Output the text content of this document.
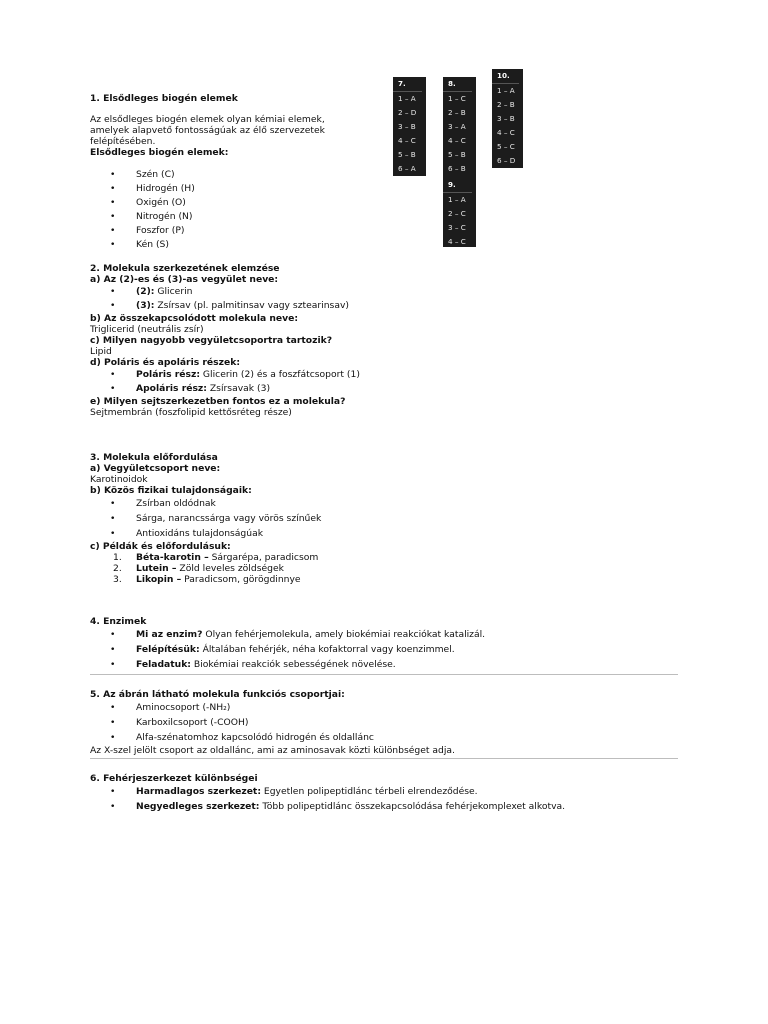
7.
1 – A
2 – D
3 – B
4 – C
5 – B
6 – A
8.
1 – C
2 – B
3 – A
4 – C
5 – B
6 – B
9.
1 – A
2 – C
3 – C
4 – C
10.
1 – A
2 – B
3 – B
4 – C
5 – C
6 – D

1. Elsődleges biogén elemek

Az elsődleges biogén elemek olyan kémiai elemek,

amelyek alapvető fontosságúak az élő szervezetek felépítésében.

Elsődleges biogén elemek:

• Szén (C)
• Hidrogén (H)
• Oxigén (O)
• Nitrogén (N)
• Foszfor (P)
• Kén (S)

2. Molekula szerkezetének elemzése

a) Az (2)-es és (3)-as vegyület neve:

• (2): Glicerin
• (3): Zsírsav (pl. palmitinsav vagy sztearinsav)

b) Az összekapcsolódott molekula neve:

Triglicerid (neutrális zsír)

c) Milyen nagyobb vegyületcsoportra tartozik?

Lipid

d) Poláris és apoláris részek:

• Poláris rész: Glicerin (2) és a foszfátcsoport (1)
• Apoláris rész: Zsírsavak (3)

e) Milyen sejtszerkezetben fontos ez a molekula?

Sejtmembrán (foszfolipid kettősréteg része)

3. Molekula előfordulása

a) Vegyületcsoport neve:

Karotinoidok

b) Közös fizikai tulajdonságaik:

• Zsírban oldódnak
• Sárga, narancssárga vagy vörös színűek
• Antioxidáns tulajdonságúak

c) Példák és előfordulásuk:

1. Béta-karotin – Sárgarépa, paradicsom
2. Lutein – Zöld leveles zöldségek
3. Likopin – Paradicsom, görögdinnye

4. Enzimek

• Mi az enzim? Olyan fehérjemolekula, amely biokémiai reakciókat katalizál.
• Felépítésük: Általában fehérjék, néha kofaktorral vagy koenzimmel.
• Feladatuk: Biokémiai reakciók sebességének növelése.

5. Az ábrán látható molekula funkciós csoportjai:

• Aminocsoport (-NH₂)
• Karboxilcsoport (-COOH)
• Alfa-szénatomhoz kapcsolódó hidrogén és oldallánc

Az X-szel jelölt csoport az oldallánc, ami az aminosavak közti különbséget adja.

6. Fehérjeszerkezet különbségei

• Harmadlagos szerkezet: Egyetlen polipeptidlánc térbeli elrendeződése.
• Negyedleges szerkezet: Több polipeptidlánc összekapcsolódása fehérjekomplexet alkotva.
